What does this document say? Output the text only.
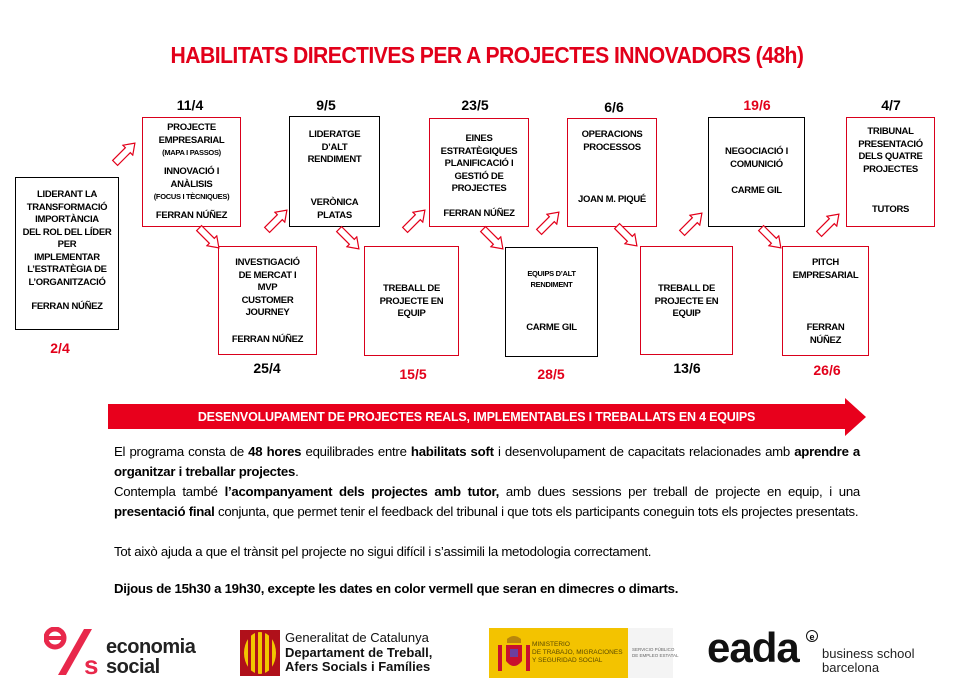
HABILITATS DIRECTIVES PER A PROJECTES INNOVADORS (48h)
LIDERANT LA
TRANSFORMACIÓ
IMPORTÀNCIA
DEL ROL DEL LÍDER
PER
IMPLEMENTAR
L’ESTRATÈGIA DE
L’ORGANITZACIÓ
FERRAN NÚÑEZ
2/4
PROJECTE
EMPRESARIAL
(MAPA I PASSOS)
INNOVACIÓ I
ANÀLISIS
(FOCUS I TÈCNIQUES)
FERRAN NÚÑEZ
11/4
INVESTIGACIÓ
DE MERCAT I
MVP
CUSTOMER
JOURNEY
FERRAN NÚÑEZ
25/4
LIDERATGE
D’ALT
RENDIMENT
VERÒNICA
PLATAS
9/5
TREBALL DE
PROJECTE EN
EQUIP
15/5
EINES
ESTRATÈGIQUES
PLANIFICACIÓ I
GESTIÓ DE
PROJECTES
FERRAN NÚÑEZ
23/5
EQUIPS D’ALT
RENDIMENT
CARME GIL
28/5
OPERACIONS
PROCESSOS
JOAN M. PIQUÉ
6/6
TREBALL DE
PROJECTE EN
EQUIP
13/6
NEGOCIACIÓ I
COMUNICIÓ
CARME GIL
19/6
PITCH
EMPRESARIAL
FERRAN
NÚÑEZ
26/6
TRIBUNAL
PRESENTACIÓ
DELS QUATRE
PROJECTES
TUTORS
4/7
DESENVOLUPAMENT DE PROJECTES REALS, IMPLEMENTABLES I TREBALLATS EN 4 EQUIPS
El programa consta de 48 hores equilibrades entre habilitats soft i desenvolupament de capacitats relacionades amb aprendre a organitzar i treballar projectes.
Contempla també l’acompanyament dels projectes amb tutor, amb dues sessions per treball de projecte en equip, i una presentació final conjunta, que permet tenir el feedback del tribunal i que tots els participants coneguin tots els projectes presentats.
Tot això ajuda a que el trànsit pel projecte no sigui difícil i s’assimili la metodologia correctament.
Dijous de 15h30 a 19h30, excepte les dates en color vermell que seran en dimecres o dimarts.
s
economia
social
Generalitat de Catalunya
Departament de Treball,
Afers Socials i Famílies
MINISTERIO
DE TRABAJO, MIGRACIONES
Y SEGURIDAD SOCIAL
SERVICIO PÚBLICO
DE EMPLEO ESTATAL eada	e
business school
barcelona
